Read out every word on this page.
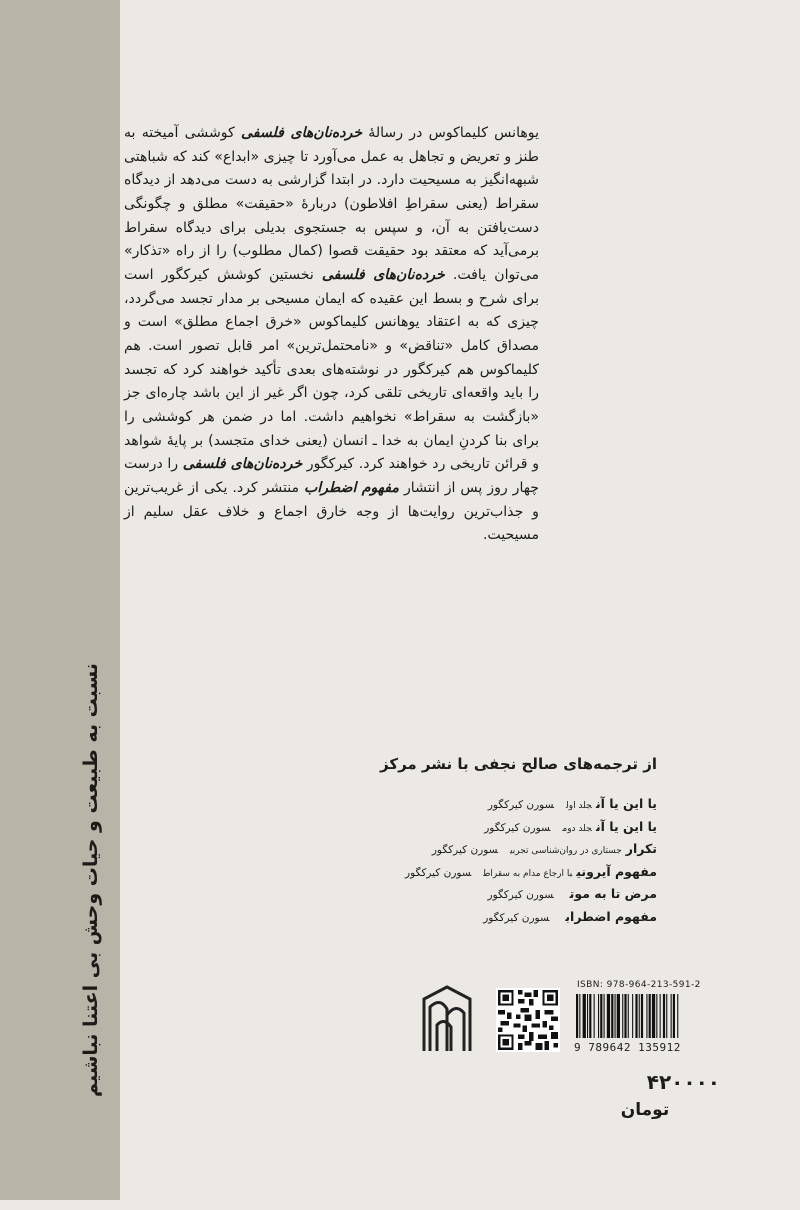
نسبت به طبیعت و حیات وحش بی اعتنا نباشیم
یوهانس کلیماکوس در رسالهٔ خرده‌نان‌های فلسفی کوششی آمیخته به طنز و تعریض و تجاهل به عمل می‌آورد تا چیزی «ابداع» کند که شباهتی شبهه‌انگیز به مسیحیت دارد. در ابتدا گزارشی به دست می‌دهد از دیدگاه سقراط (یعنی سقراطِ افلاطون) دربارهٔ «حقیقت» مطلق و چگونگی دست‌یافتن به آن، و سپس به جستجوی بدیلی برای دیدگاه سقراط برمی‌آید که معتقد بود حقیقت قصوا (کمال مطلوب) را از راه «تذکار» می‌توان یافت. خرده‌نان‌های فلسفی نخستین کوشش کیرکگور است برای شرح و بسط این عقیده که ایمان مسیحی بر مدار تجسد می‌گردد، چیزی که به اعتقاد یوهانس کلیماکوس «خرق اجماع مطلق» است و مصداق کامل «تناقض» و «نامحتمل‌ترین» امر قابل تصور است. هم کلیماکوس هم کیرکگور در نوشته‌های بعدی تأکید خواهند کرد که تجسد را باید واقعه‌ای تاریخی تلقی کرد، چون اگر غیر از این باشد چاره‌ای جز «بازگشت به سقراط» نخواهیم داشت. اما در ضمن هر کوششی را برای بنا کردنِ ایمان به خدا ـ انسان (یعنی خدای متجسد) بر پایهٔ شواهد و قرائن تاریخی رد خواهند کرد. کیرکگور خرده‌نان‌های فلسفی را درست چهار روز پس از انتشار مفهوم اضطراب منتشر کرد. یکی از غریب‌ترین و جذاب‌ترین روایت‌ها از وجه خارق اجماع و خلاف عقل سلیم از مسیحیت.
از ترجمه‌های صالح نجفی با نشر مرکز
یا این یا آنجلد اولسورن کیرکگور
یا این یا آنجلد دومسورن کیرکگور
تکرارجستاری در روان‌شناسی تجربیسورن کیرکگور
مفهوم آیرونیبا ارجاع مدام به سقراطسورن کیرکگور
مرض تا به موتسورن کیرکگور
مفهوم اضطرابسورن کیرکگور
ISBN: 978-964-213-591-2
9 789642 135912
۴۲۰۰۰۰
تومان
